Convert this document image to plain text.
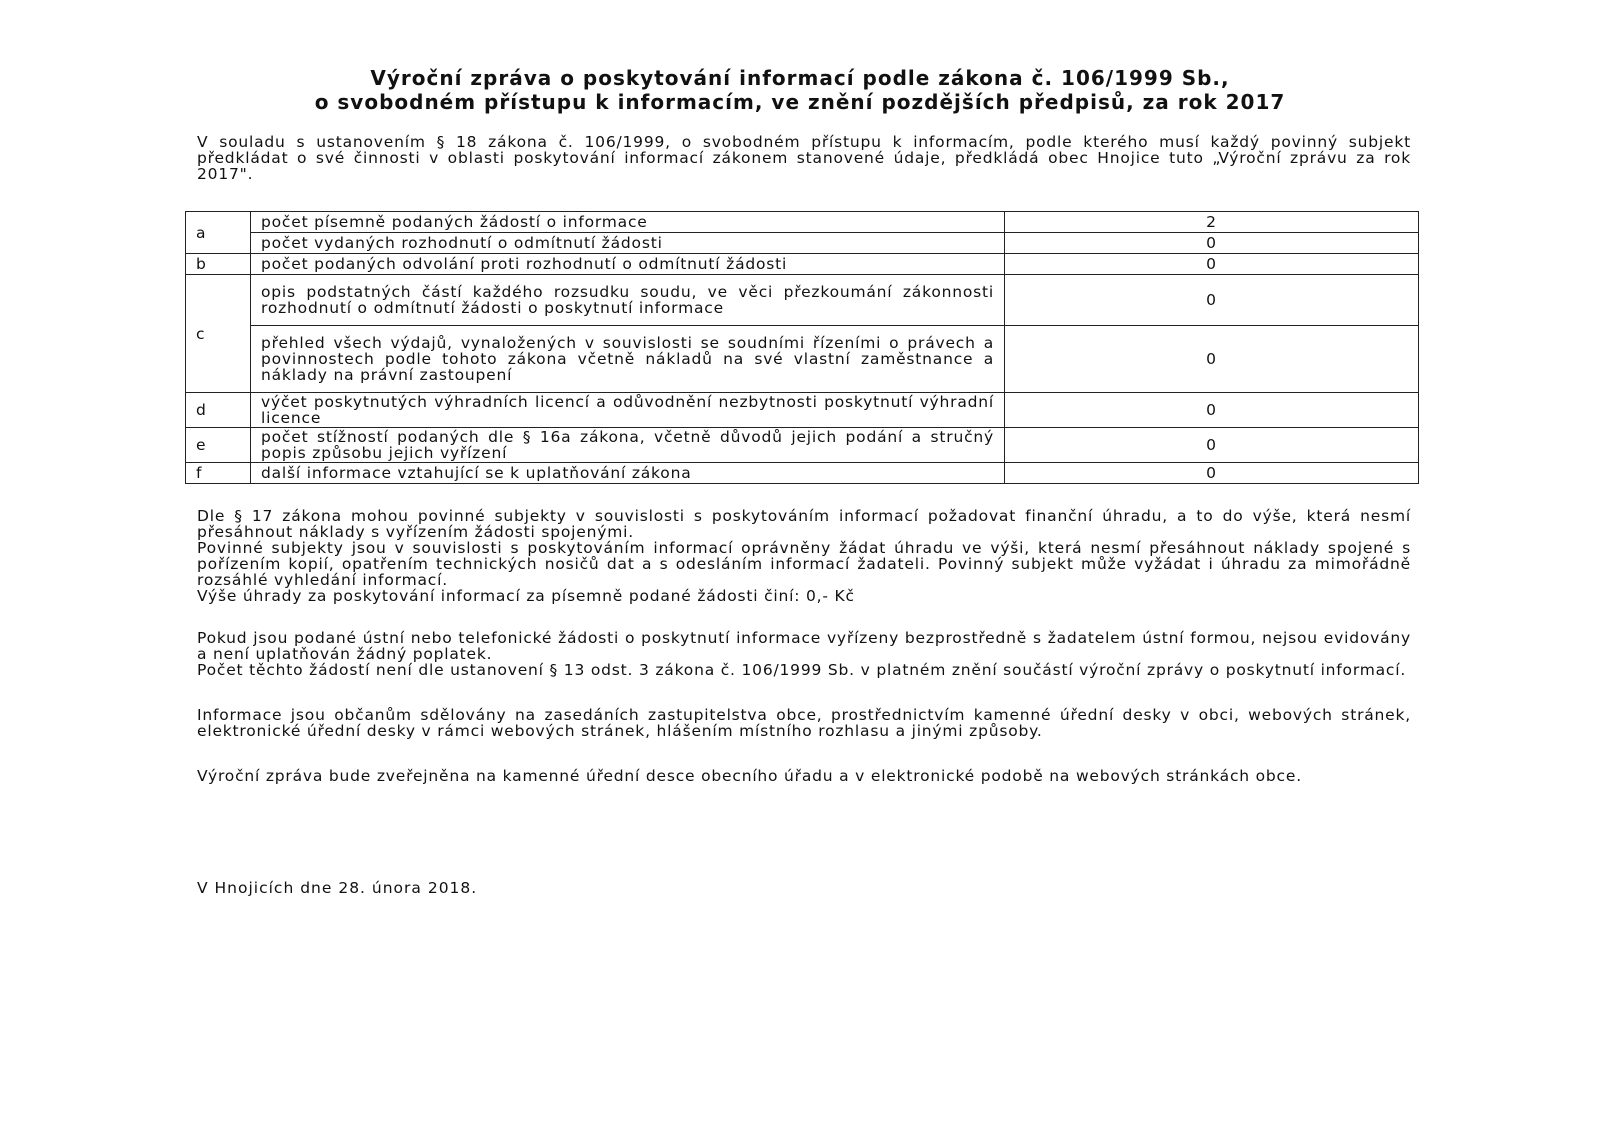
Výroční zpráva o poskytování informací podle zákona č. 106/1999 Sb.,
o svobodném přístupu k informacím, ve znění pozdějších předpisů, za rok 2017

V souladu s ustanovením § 18 zákona č. 106/1999, o svobodném přístupu k informacím, podle kterého musí každý povinný subjekt předkládat o své činnosti v oblasti poskytování informací zákonem stanovené údaje, předkládá obec Hnojice tuto „Výroční zprávu za rok 2017".

a	počet písemně podaných žádostí o informace	2
	počet vydaných rozhodnutí o odmítnutí žádosti	0
b	počet podaných odvolání proti rozhodnutí o odmítnutí žádosti	0
c	opis podstatných částí každého rozsudku soudu, ve věci přezkoumání zákonnosti rozhodnutí o odmítnutí žádosti o poskytnutí informace	0
	přehled všech výdajů, vynaložených v souvislosti se soudními řízeními o právech a povinnostech podle tohoto zákona včetně nákladů na své vlastní zaměstnance a náklady na právní zastoupení	0
d	výčet poskytnutých výhradních licencí a odůvodnění nezbytnosti poskytnutí výhradní licence	0
e	počet stížností podaných dle § 16a zákona, včetně důvodů jejich podání a stručný popis způsobu jejich vyřízení	0
f	další informace vztahující se k uplatňování zákona	0
Dle § 17 zákona mohou povinné subjekty v souvislosti s poskytováním informací požadovat finanční úhradu, a to do výše, která nesmí přesáhnout náklady s vyřízením žádosti spojenými.
Povinné subjekty jsou v souvislosti s poskytováním informací oprávněny žádat úhradu ve výši, která nesmí přesáhnout náklady spojené s pořízením kopií, opatřením technických nosičů dat a s odesláním informací žadateli. Povinný subjekt může vyžádat i úhradu za mimořádně rozsáhlé vyhledání informací.
Výše úhrady za poskytování informací za písemně podané žádosti činí: 0,- Kč
Pokud jsou podané ústní nebo telefonické žádosti o poskytnutí informace vyřízeny bezprostředně s žadatelem ústní formou, nejsou evidovány a není uplatňován žádný poplatek.
Počet těchto žádostí není dle ustanovení § 13 odst. 3 zákona č. 106/1999 Sb. v platném znění součástí výroční zprávy o poskytnutí informací.

Informace jsou občanům sdělovány na zasedáních zastupitelstva obce, prostřednictvím kamenné úřední desky v obci, webových stránek, elektronické úřední desky v rámci webových stránek, hlášením místního rozhlasu a jinými způsoby.

Výroční zpráva bude zveřejněna na kamenné úřední desce obecního úřadu a v elektronické podobě na webových stránkách obce.

V Hnojicích dne 28. února 2018.
